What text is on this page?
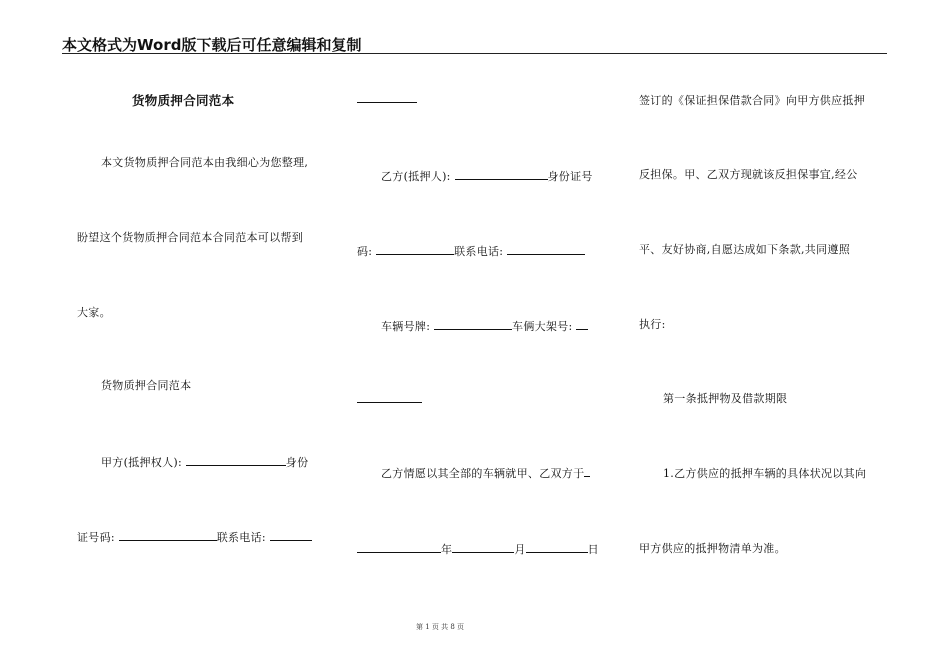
本文格式为Word版下载后可任意编辑和复制
货物质押合同范本
本文货物质押合同范本由我细心为您整理,
盼望这个货物质押合同范本合同范本可以帮到
大家。
货物质押合同范本
甲方(抵押权人):	身份
证号码:	联系电话:
乙方(抵押人):	身份证号
码:	联系电话:
车辆号牌:	车俩大架号:
乙方情愿以其全部的车辆就甲、乙双方于
年	月	日
签订的《保证担保借款合同》向甲方供应抵押
反担保。甲、乙双方现就该反担保事宜,经公
平、友好协商,自愿达成如下条款,共同遵照
执行:
第一条抵押物及借款期限
1.乙方供应的抵押车辆的具体状况以其向
甲方供应的抵押物清单为准。
第 1 页 共 8 页
